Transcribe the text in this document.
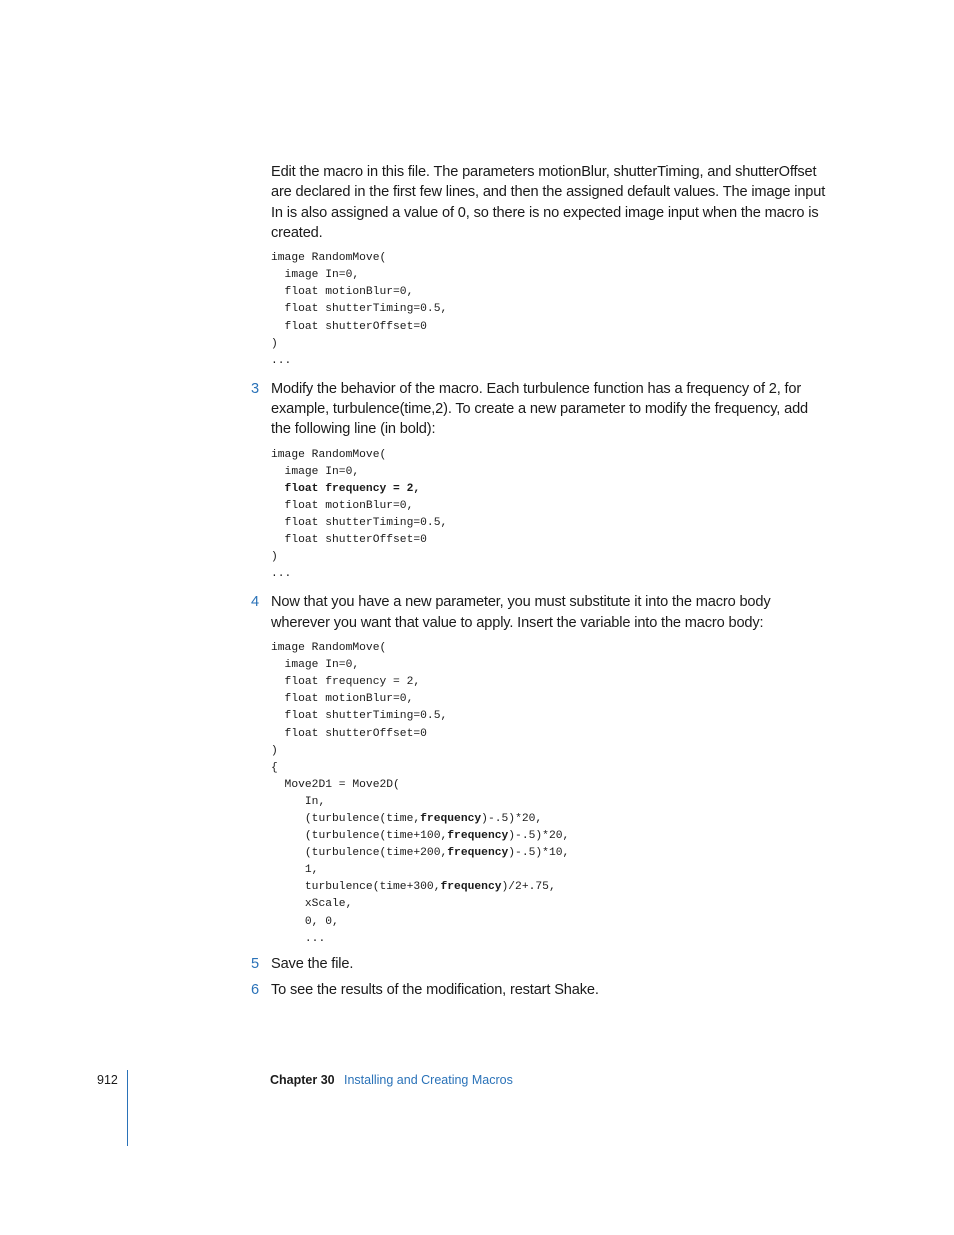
Edit the macro in this file. The parameters motionBlur, shutterTiming, and shutterOffset are declared in the first few lines, and then the assigned default values. The image input In is also assigned a value of 0, so there is no expected image input when the macro is created.

image RandomMove(
image In=0,
float motionBlur=0,
float shutterTiming=0.5,
float shutterOffset=0
)
...
3 Modify the behavior of the macro. Each turbulence function has a frequency of 2, for example, turbulence(time,2). To create a new parameter to modify the frequency, add the following line (in bold):

image RandomMove(
image In=0,
float frequency = 2,
float motionBlur=0,
float shutterTiming=0.5,
float shutterOffset=0
)
...
4 Now that you have a new parameter, you must substitute it into the macro body wherever you want that value to apply. Insert the variable into the macro body:

image RandomMove(
image In=0,
float frequency = 2,
float motionBlur=0,
float shutterTiming=0.5,
float shutterOffset=0
)
{
Move2D1 = Move2D(
In,
(turbulence(time,frequency)-.5)*20,
(turbulence(time+100,frequency)-.5)*20,
(turbulence(time+200,frequency)-.5)*10,
1,
turbulence(time+300,frequency)/2+.75,
xScale,
0, 0,
...
5 Save the file.

6 To see the results of the modification, restart Shake.

912	Chapter 30 Installing and Creating Macros
